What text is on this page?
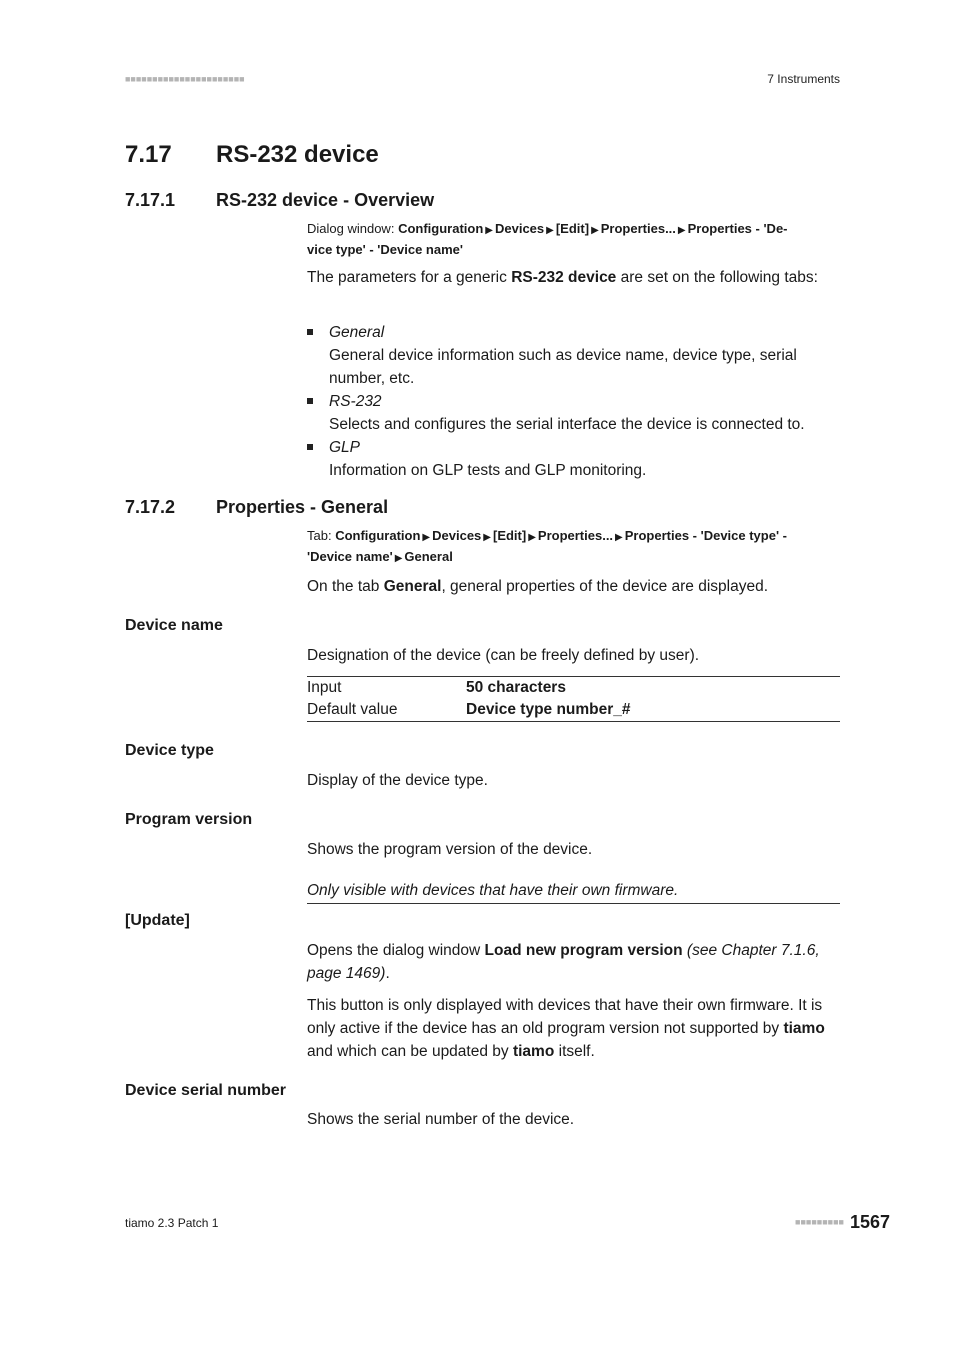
■■■■■■■■■■■■■■■■■■■■■■	7 Instruments
7.17 RS-232 device
7.17.1 RS-232 device - Overview
Dialog window: Configuration ▶ Devices ▶ [Edit] ▶ Properties... ▶ Properties - 'De-
vice type' - 'Device name'

The parameters for a generic RS-232 device are set on the following tabs:

General
General device information such as device name, device type, serial number, etc.
RS-232
Selects and configures the serial interface the device is connected to.
GLP
Information on GLP tests and GLP monitoring.
7.17.2 Properties - General
Tab: Configuration ▶ Devices ▶ [Edit] ▶ Properties... ▶ Properties - 'Device type' -
'Device name' ▶ General

On the tab General, general properties of the device are displayed.

Device name
Designation of the device (can be freely defined by user).
Input	50 characters
Default value	Device type number_#
Device type
Display of the device type.
Program version
Shows the program version of the device.
Only visible with devices that have their own firmware.
[Update]

Opens the dialog window Load new program version (see Chapter 7.1.6, page 1469).

This button is only displayed with devices that have their own firmware. It is only active if the device has an old program version not supported by tiamo and which can be updated by tiamo itself.

Device serial number
Shows the serial number of the device.
tiamo 2.3 Patch 1	■■■■■■■■■ 1567
